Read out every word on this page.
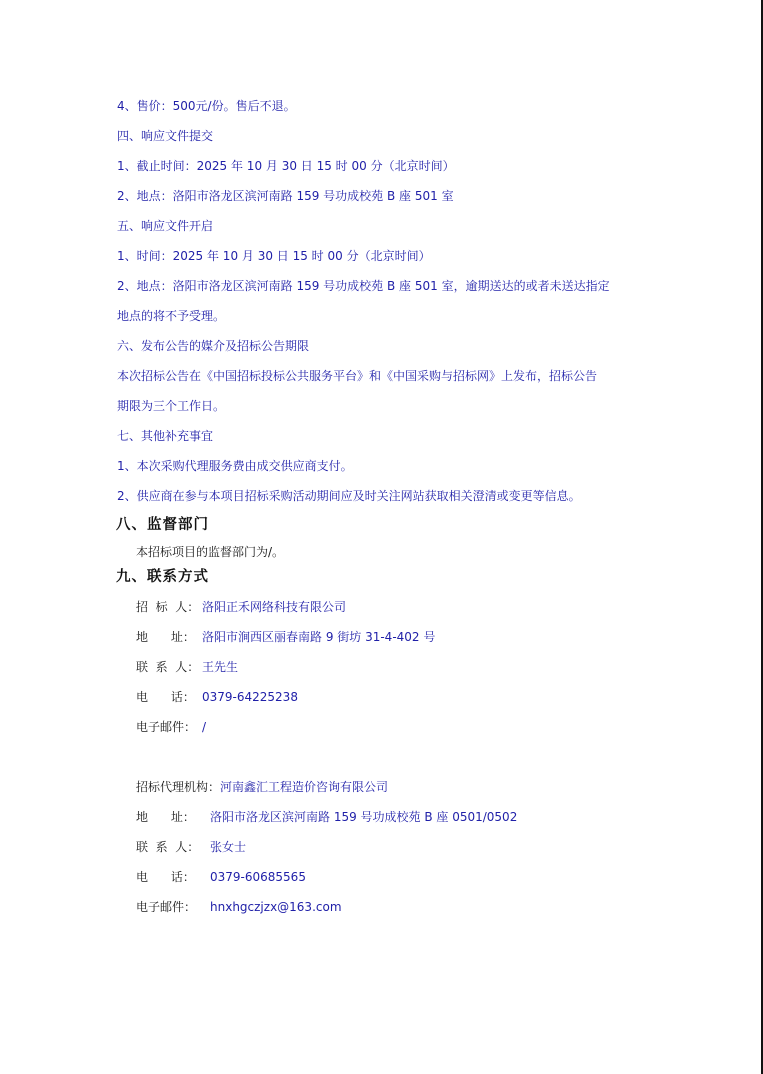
4、售价：500元/份。售后不退。

四、响应文件提交

1、截止时间：2025 年 10 月 30 日 15 时 00 分（北京时间）

2、地点：洛阳市洛龙区滨河南路 159 号功成校苑 B 座 501 室

五、响应文件开启

1、时间：2025 年 10 月 30 日 15 时 00 分（北京时间）

2、地点：洛阳市洛龙区滨河南路 159 号功成校苑 B 座 501 室，逾期送达的或者未送达指定

地点的将不予受理。

六、发布公告的媒介及招标公告期限

本次招标公告在《中国招标投标公共服务平台》和《中国采购与招标网》上发布，招标公告

期限为三个工作日。

七、其他补充事宜

1、本次采购代理服务费由成交供应商支付。

2、供应商在参与本项目招标采购活动期间应及时关注网站获取相关澄清或变更等信息。

八、监督部门

本招标项目的监督部门为/。

九、联系方式

招  标  人： 洛阳正禾网络科技有限公司
地      址： 洛阳市涧西区丽春南路 9 街坊 31-4-402 号
联  系  人： 王先生
电      话： 0379-64225238
电子邮件： /
招标代理机构：河南鑫汇工程造价咨询有限公司
地      址： 洛阳市洛龙区滨河南路 159 号功成校苑 B 座 0501/0502
联  系  人： 张女士
电      话： 0379-60685565
电子邮件： hnxhgczjzx@163.com
